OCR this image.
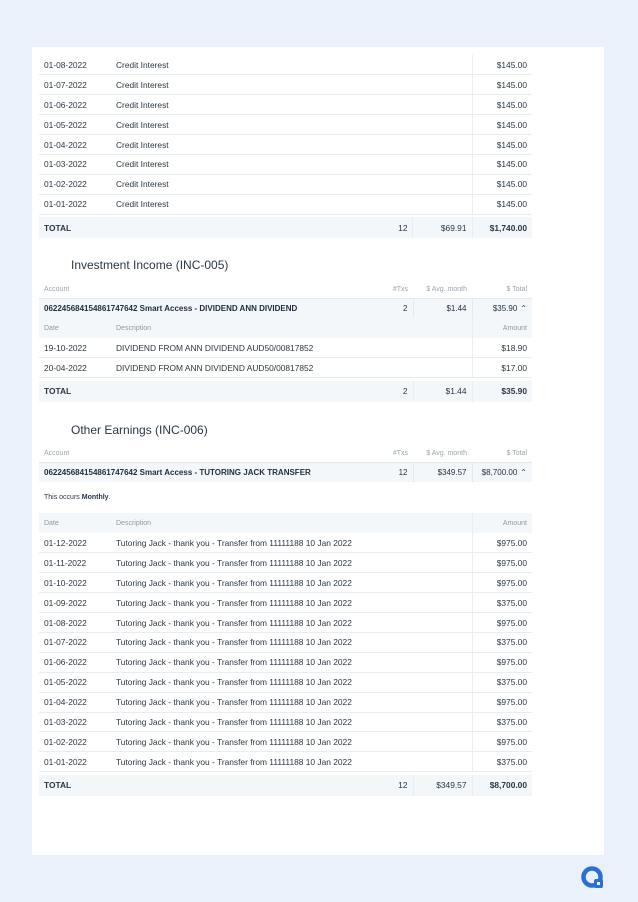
01-08-2022	Credit Interest			$145.00
01-07-2022	Credit Interest			$145.00
01-06-2022	Credit Interest			$145.00
01-05-2022	Credit Interest			$145.00
01-04-2022	Credit Interest			$145.00
01-03-2022	Credit Interest			$145.00
01-02-2022	Credit Interest			$145.00
01-01-2022	Credit Interest			$145.00

TOTAL		12	$69.91	$1,740.00
Investment Income (INC-005)
Account		#Txs	$ Avg. month	$ Total
062245684154861747642 Smart Access - DIVIDEND ANN DIVIDEND		2	$1.44	$35.90 ⌃
Date	Description			Amount
19-10-2022	DIVIDEND FROM ANN DIVIDEND AUD50/00817852			$18.90
20-04-2022	DIVIDEND FROM ANN DIVIDEND AUD50/00817852			$17.00

TOTAL		2	$1.44	$35.90
Other Earnings (INC-006)
Account		#Txs	$ Avg. month	$ Total
062245684154861747642 Smart Access - TUTORING JACK TRANSFER		12	$349.57	$8,700.00 ⌃
This occurs Monthly.				
Date	Description			Amount
01-12-2022	Tutoring Jack - thank you - Transfer from 11111188 10 Jan 2022			$975.00
01-11-2022	Tutoring Jack - thank you - Transfer from 11111188 10 Jan 2022			$975.00
01-10-2022	Tutoring Jack - thank you - Transfer from 11111188 10 Jan 2022			$975.00
01-09-2022	Tutoring Jack - thank you - Transfer from 11111188 10 Jan 2022			$375.00
01-08-2022	Tutoring Jack - thank you - Transfer from 11111188 10 Jan 2022			$975.00
01-07-2022	Tutoring Jack - thank you - Transfer from 11111188 10 Jan 2022			$375.00
01-06-2022	Tutoring Jack - thank you - Transfer from 11111188 10 Jan 2022			$975.00
01-05-2022	Tutoring Jack - thank you - Transfer from 11111188 10 Jan 2022			$375.00
01-04-2022	Tutoring Jack - thank you - Transfer from 11111188 10 Jan 2022			$975.00
01-03-2022	Tutoring Jack - thank you - Transfer from 11111188 10 Jan 2022			$375.00
01-02-2022	Tutoring Jack - thank you - Transfer from 11111188 10 Jan 2022			$975.00
01-01-2022	Tutoring Jack - thank you - Transfer from 11111188 10 Jan 2022			$375.00

TOTAL		12	$349.57	$8,700.00
